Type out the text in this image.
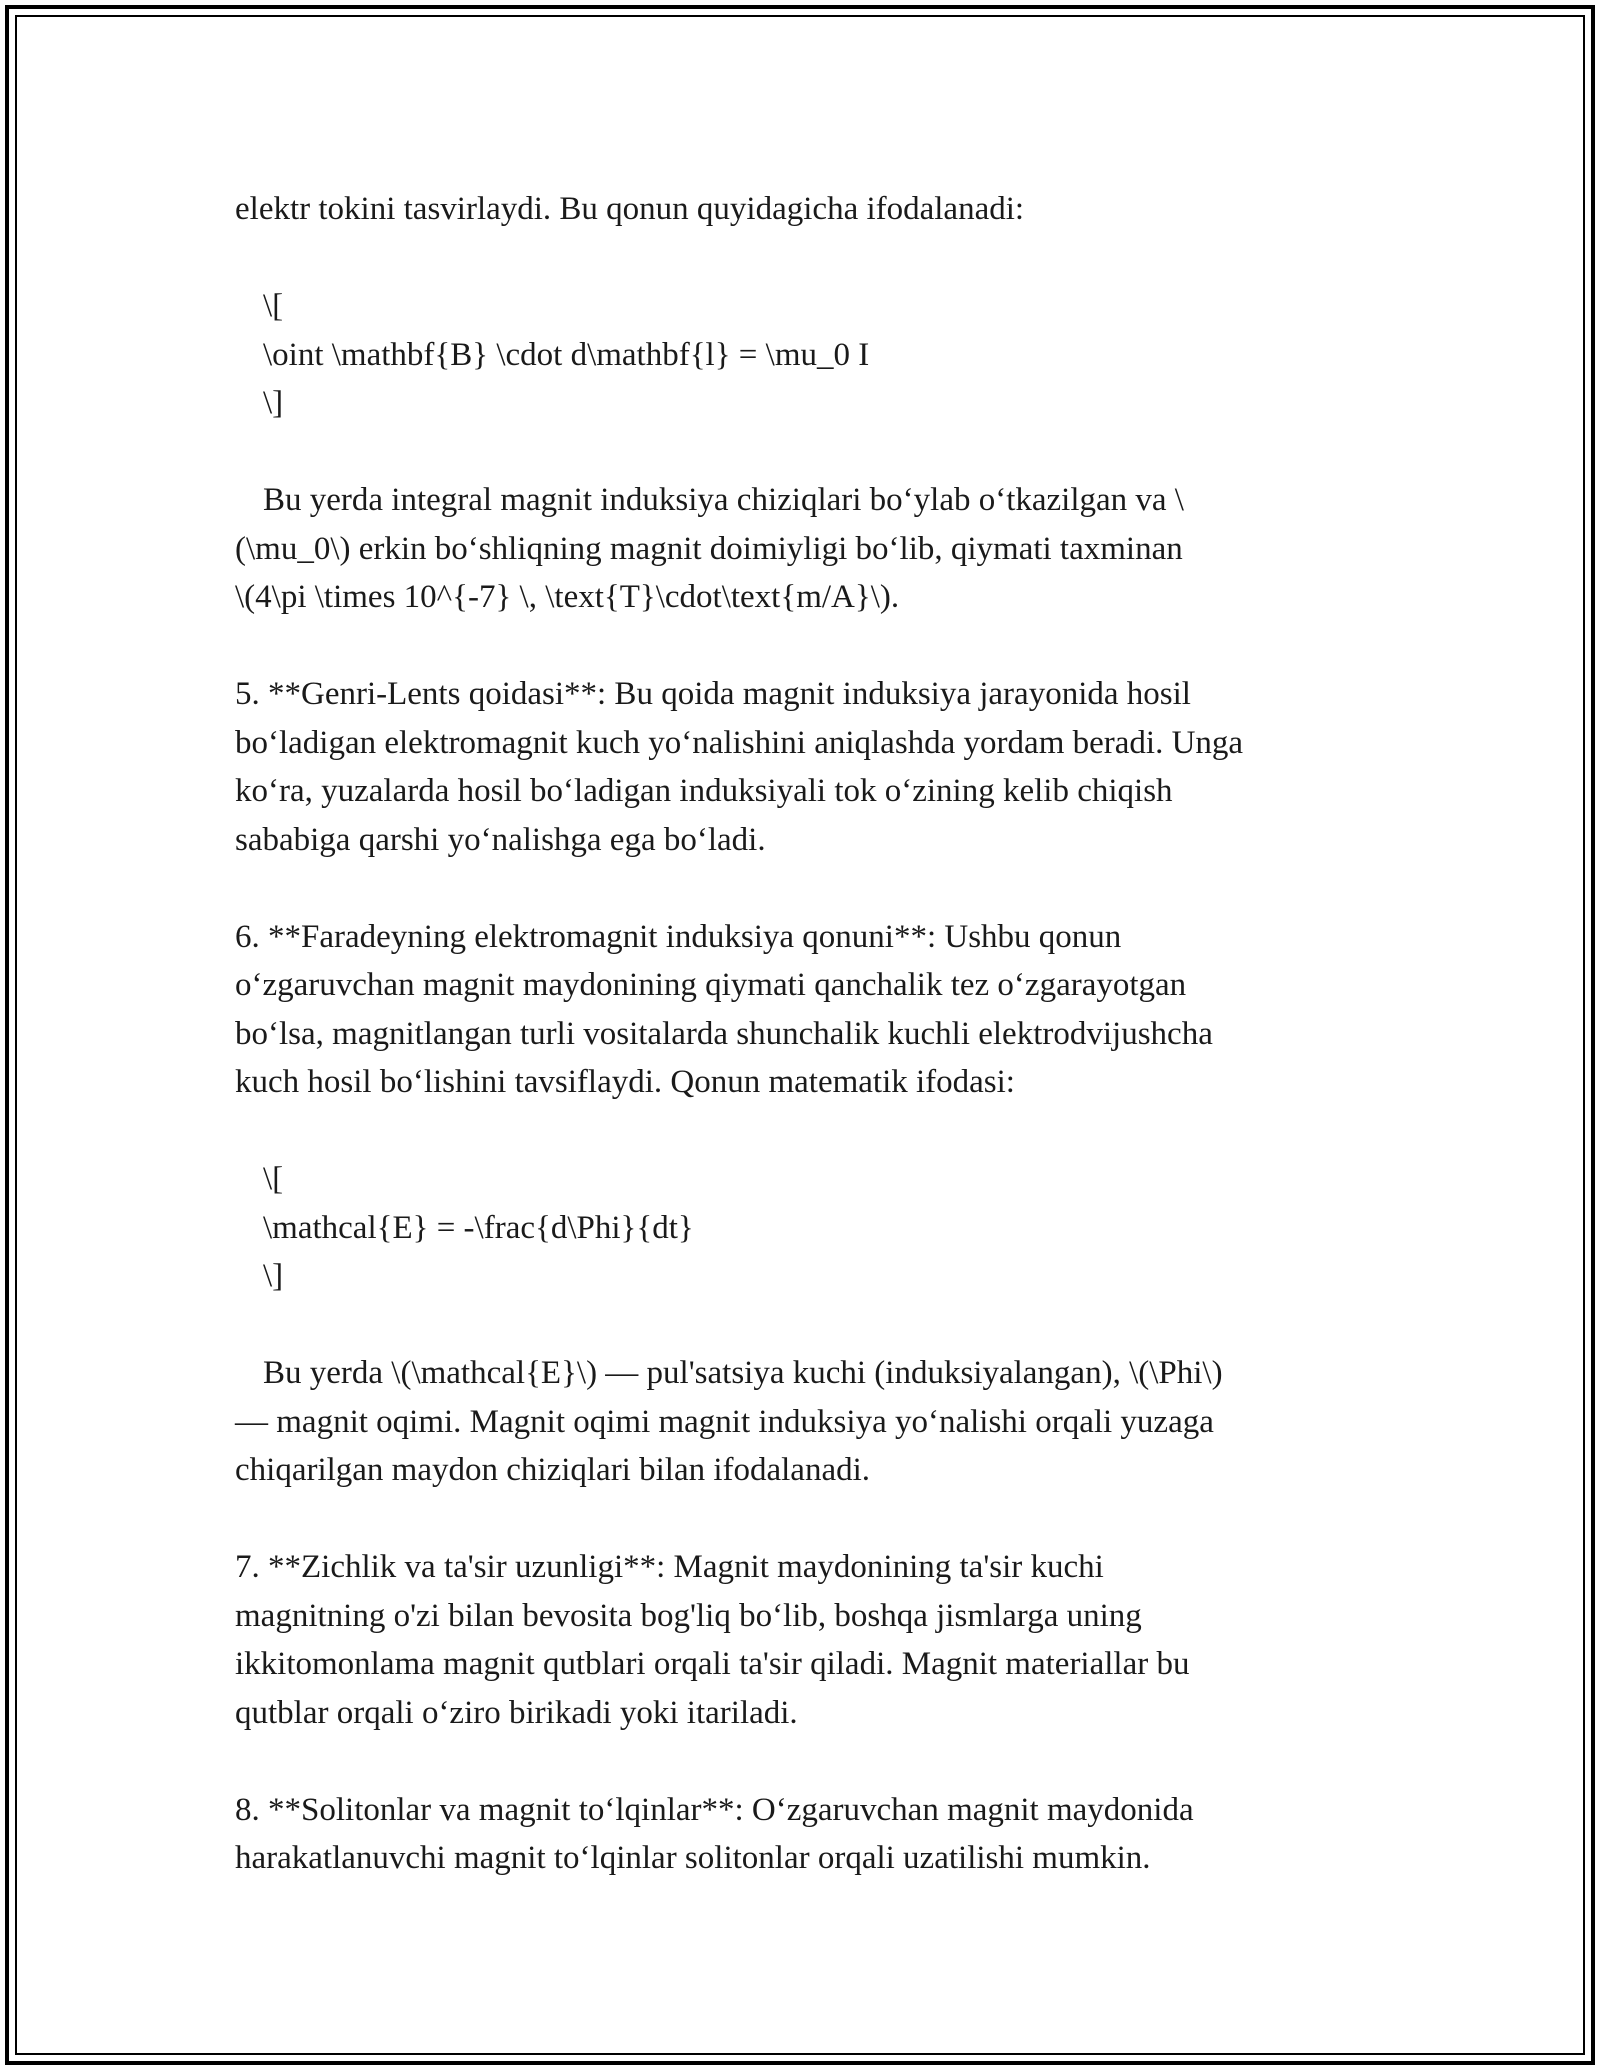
elektr tokini tasvirlaydi. Bu qonun quyidagicha ifodalanadi:
\[
\oint \mathbf{B} \cdot d\mathbf{l} = \mu_0 I
\]
Bu yerda integral magnit induksiya chiziqlari bo‘ylab o‘tkazilgan va \
(\mu_0\) erkin bo‘shliqning magnit doimiyligi bo‘lib, qiymati taxminan
\(4\pi \times 10^{-7} \, \text{T}\cdot\text{m/A}\).
5. **Genri-Lents qoidasi**: Bu qoida magnit induksiya jarayonida hosil
bo‘ladigan elektromagnit kuch yo‘nalishini aniqlashda yordam beradi. Unga
ko‘ra, yuzalarda hosil bo‘ladigan induksiyali tok o‘zining kelib chiqish
sababiga qarshi yo‘nalishga ega bo‘ladi.
6. **Faradeyning elektromagnit induksiya qonuni**: Ushbu qonun
o‘zgaruvchan magnit maydonining qiymati qanchalik tez o‘zgarayotgan
bo‘lsa, magnitlangan turli vositalarda shunchalik kuchli elektrodvijushcha
kuch hosil bo‘lishini tavsiflaydi. Qonun matematik ifodasi:
\[
\mathcal{E} = -\frac{d\Phi}{dt}
\]
Bu yerda \(\mathcal{E}\) — pul'satsiya kuchi (induksiyalangan), \(\Phi\)
— magnit oqimi. Magnit oqimi magnit induksiya yo‘nalishi orqali yuzaga
chiqarilgan maydon chiziqlari bilan ifodalanadi.
7. **Zichlik va ta'sir uzunligi**: Magnit maydonining ta'sir kuchi
magnitning o'zi bilan bevosita bog'liq bo‘lib, boshqa jismlarga uning
ikkitomonlama magnit qutblari orqali ta'sir qiladi. Magnit materiallar bu
qutblar orqali o‘ziro birikadi yoki itariladi.
8. **Solitonlar va magnit to‘lqinlar**: O‘zgaruvchan magnit maydonida
harakatlanuvchi magnit to‘lqinlar solitonlar orqali uzatilishi mumkin.
